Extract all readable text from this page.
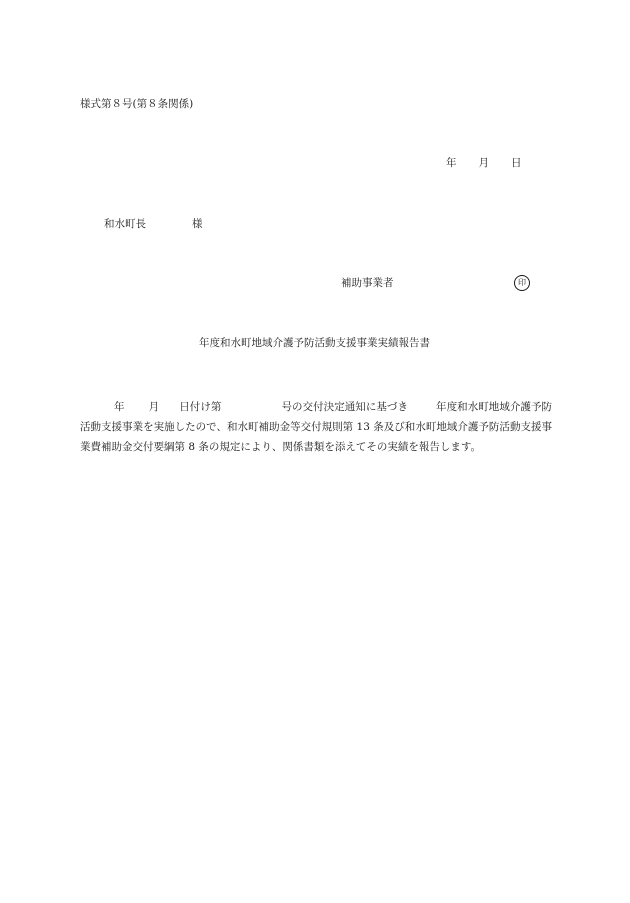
様式第８号(第８条関係)
年 月 日
和水町長	様
補助事業者	印
年度和水町地域介護予防活動支援事業実績報告書
年 月 日付け第	号の交付決定通知に基づき	年度和水町地域介護予防活動支援事業を実施したので、和水町補助金等交付規則第 13 条及び和水町地域介護予防活動支援事業費補助金交付要綱第 8 条の規定により、関係書類を添えてその実績を報告します。
